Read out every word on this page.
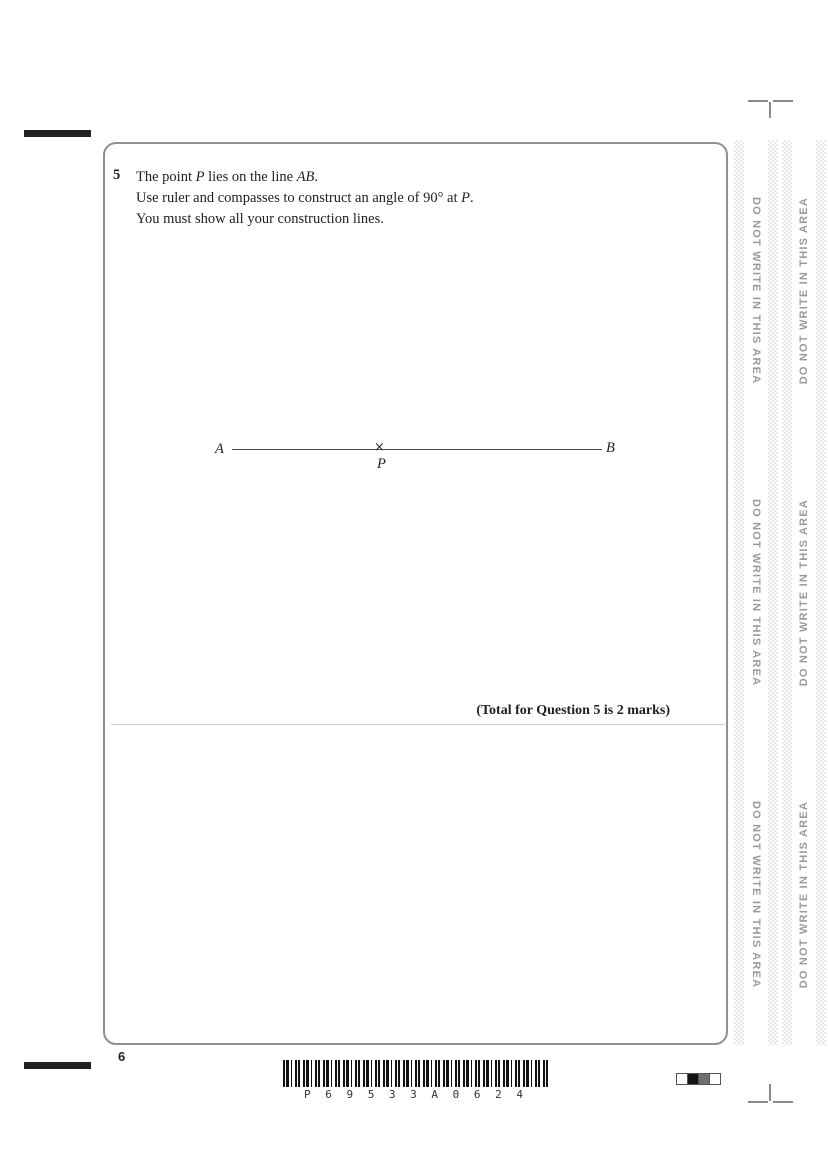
5 The point P lies on the line AB.
Use ruler and compasses to construct an angle of 90° at P.
You must show all your construction lines.
A	B
×
P
(Total for Question 5 is 2 marks)
DO NOT WRITE IN THIS AREA
DO NOT WRITE IN THIS AREA
DO NOT WRITE IN THIS AREA
DO NOT WRITE IN THIS AREA
DO NOT WRITE IN THIS AREA
DO NOT WRITE IN THIS AREA
6
P 6 9 5 3 3 A 0 6 2 4
